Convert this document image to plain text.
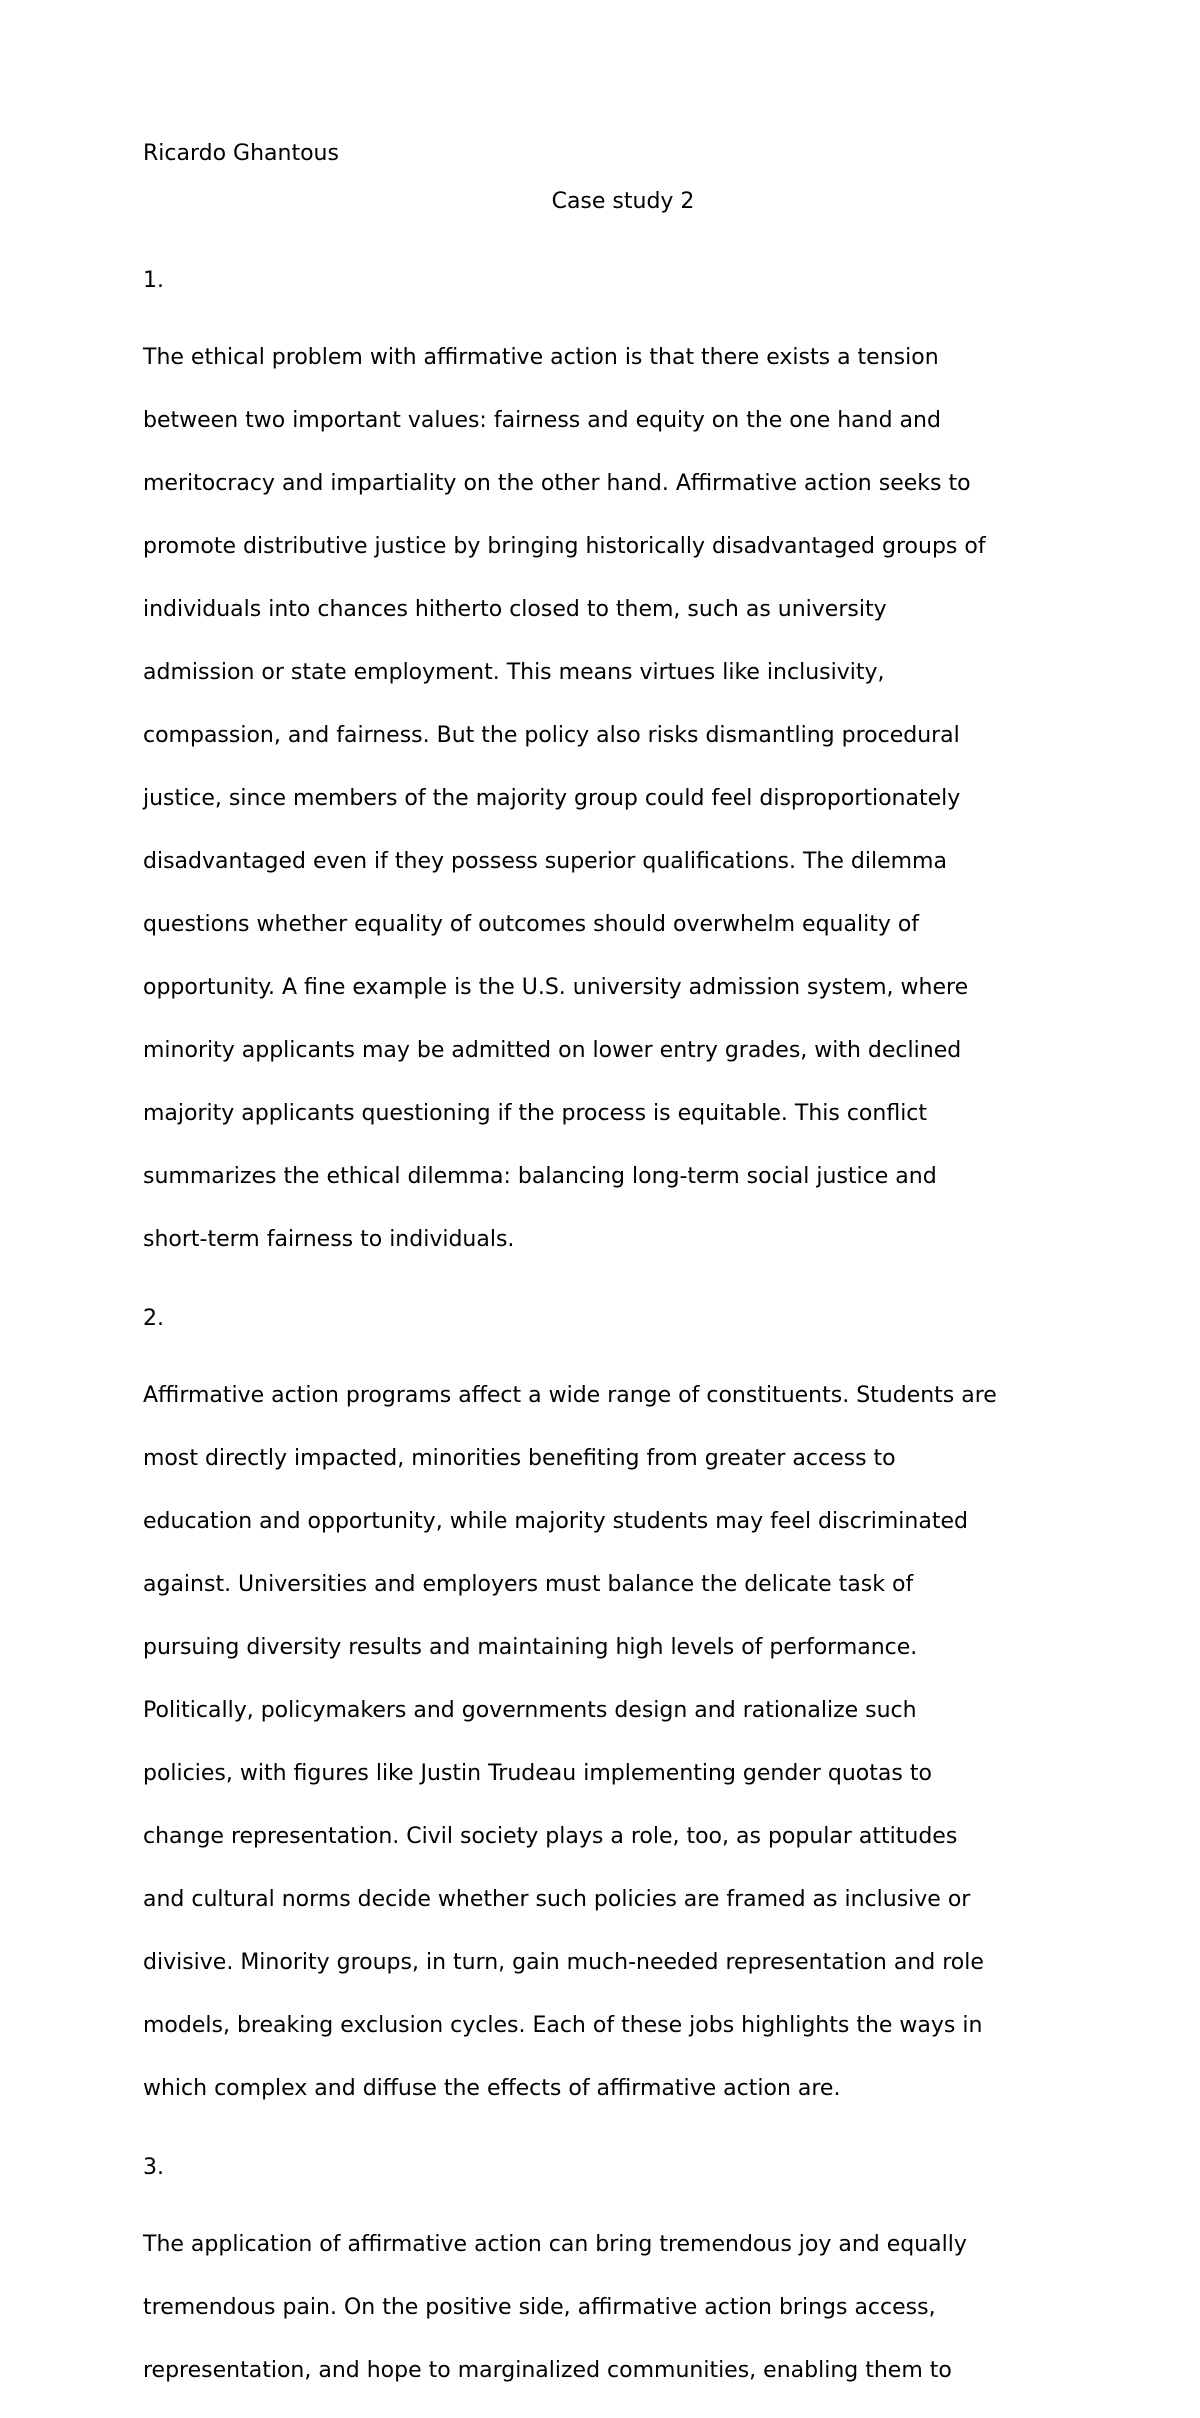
Ricardo Ghantous

Case study 2

1.

The ethical problem with affirmative action is that there exists a tension

between two important values: fairness and equity on the one hand and

meritocracy and impartiality on the other hand. Affirmative action seeks to

promote distributive justice by bringing historically disadvantaged groups of

individuals into chances hitherto closed to them, such as university

admission or state employment. This means virtues like inclusivity,

compassion, and fairness. But the policy also risks dismantling procedural

justice, since members of the majority group could feel disproportionately

disadvantaged even if they possess superior qualifications. The dilemma

questions whether equality of outcomes should overwhelm equality of

opportunity. A fine example is the U.S. university admission system, where

minority applicants may be admitted on lower entry grades, with declined

majority applicants questioning if the process is equitable. This conflict

summarizes the ethical dilemma: balancing long-term social justice and

short-term fairness to individuals.

2.

Affirmative action programs affect a wide range of constituents. Students are

most directly impacted, minorities benefiting from greater access to

education and opportunity, while majority students may feel discriminated

against. Universities and employers must balance the delicate task of

pursuing diversity results and maintaining high levels of performance.

Politically, policymakers and governments design and rationalize such

policies, with figures like Justin Trudeau implementing gender quotas to

change representation. Civil society plays a role, too, as popular attitudes

and cultural norms decide whether such policies are framed as inclusive or

divisive. Minority groups, in turn, gain much-needed representation and role

models, breaking exclusion cycles. Each of these jobs highlights the ways in

which complex and diffuse the effects of affirmative action are.

3.

The application of affirmative action can bring tremendous joy and equally

tremendous pain. On the positive side, affirmative action brings access,

representation, and hope to marginalized communities, enabling them to
